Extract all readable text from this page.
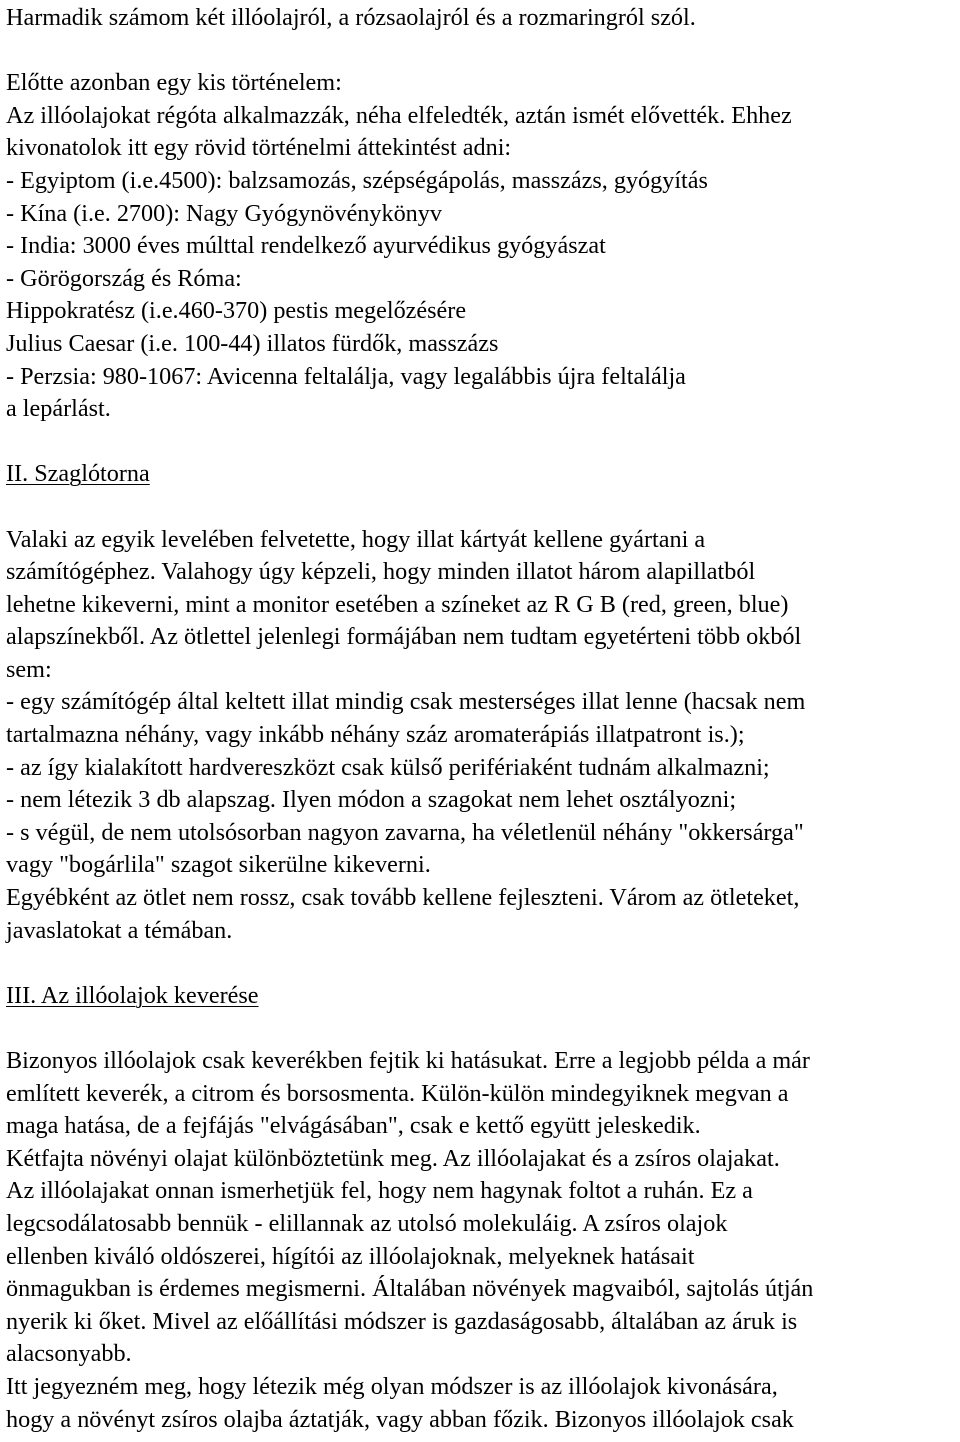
Harmadik számom két illóolajról, a rózsaolajról és a rozmaringról szól.
Előtte azonban egy kis történelem:
Az illóolajokat régóta alkalmazzák, néha elfeledték, aztán ismét elővették. Ehhez
kivonatolok itt egy rövid történelmi áttekintést adni:
- Egyiptom (i.e.4500): balzsamozás, szépségápolás, masszázs, gyógyítás
- Kína (i.e. 2700): Nagy Gyógynövénykönyv
- India: 3000 éves múlttal rendelkező ayurvédikus gyógyászat
- Görögország és Róma:
Hippokratész (i.e.460-370) pestis megelőzésére
Julius Caesar (i.e. 100-44) illatos fürdők, masszázs
- Perzsia: 980-1067: Avicenna feltalálja, vagy legalábbis újra feltalálja
a lepárlást.
II. Szaglótorna
Valaki az egyik levelében felvetette, hogy illat kártyát kellene gyártani a
számítógéphez. Valahogy úgy képzeli, hogy minden illatot három alapillatból
lehetne kikeverni, mint a monitor esetében a színeket az R G B (red, green, blue)
alapszínekből. Az ötlettel jelenlegi formájában nem tudtam egyetérteni több okból
sem:
- egy számítógép által keltett illat mindig csak mesterséges illat lenne (hacsak nem
tartalmazna néhány, vagy inkább néhány száz aromaterápiás illatpatront is.);
- az így kialakított hardvereszközt csak külső perifériaként tudnám alkalmazni;
- nem létezik 3 db alapszag. Ilyen módon a szagokat nem lehet osztályozni;
- s végül, de nem utolsósorban nagyon zavarna, ha véletlenül néhány "okkersárga"
vagy "bogárlila" szagot sikerülne kikeverni.
Egyébként az ötlet nem rossz, csak tovább kellene fejleszteni. Várom az ötleteket,
javaslatokat a témában.
III. Az illóolajok keverése
Bizonyos illóolajok csak keverékben fejtik ki hatásukat. Erre a legjobb példa a már
említett keverék, a citrom és borsosmenta. Külön-külön mindegyiknek megvan a
maga hatása, de a fejfájás "elvágásában", csak e kettő együtt jeleskedik.
Kétfajta növényi olajat különböztetünk meg. Az illóolajakat és a zsíros olajakat.
Az illóolajakat onnan ismerhetjük fel, hogy nem hagynak foltot a ruhán. Ez a
legcsodálatosabb bennük - elillannak az utolsó molekuláig. A zsíros olajok
ellenben kiváló oldószerei, hígítói az illóolajoknak, melyeknek hatásait
önmagukban is érdemes megismerni. Általában növények magvaiból, sajtolás útján
nyerik ki őket. Mivel az előállítási módszer is gazdaságosabb, általában az áruk is
alacsonyabb.
Itt jegyezném meg, hogy létezik még olyan módszer is az illóolajok kivonására,
hogy a növényt zsíros olajba áztatják, vagy abban főzik. Bizonyos illóolajok csak
